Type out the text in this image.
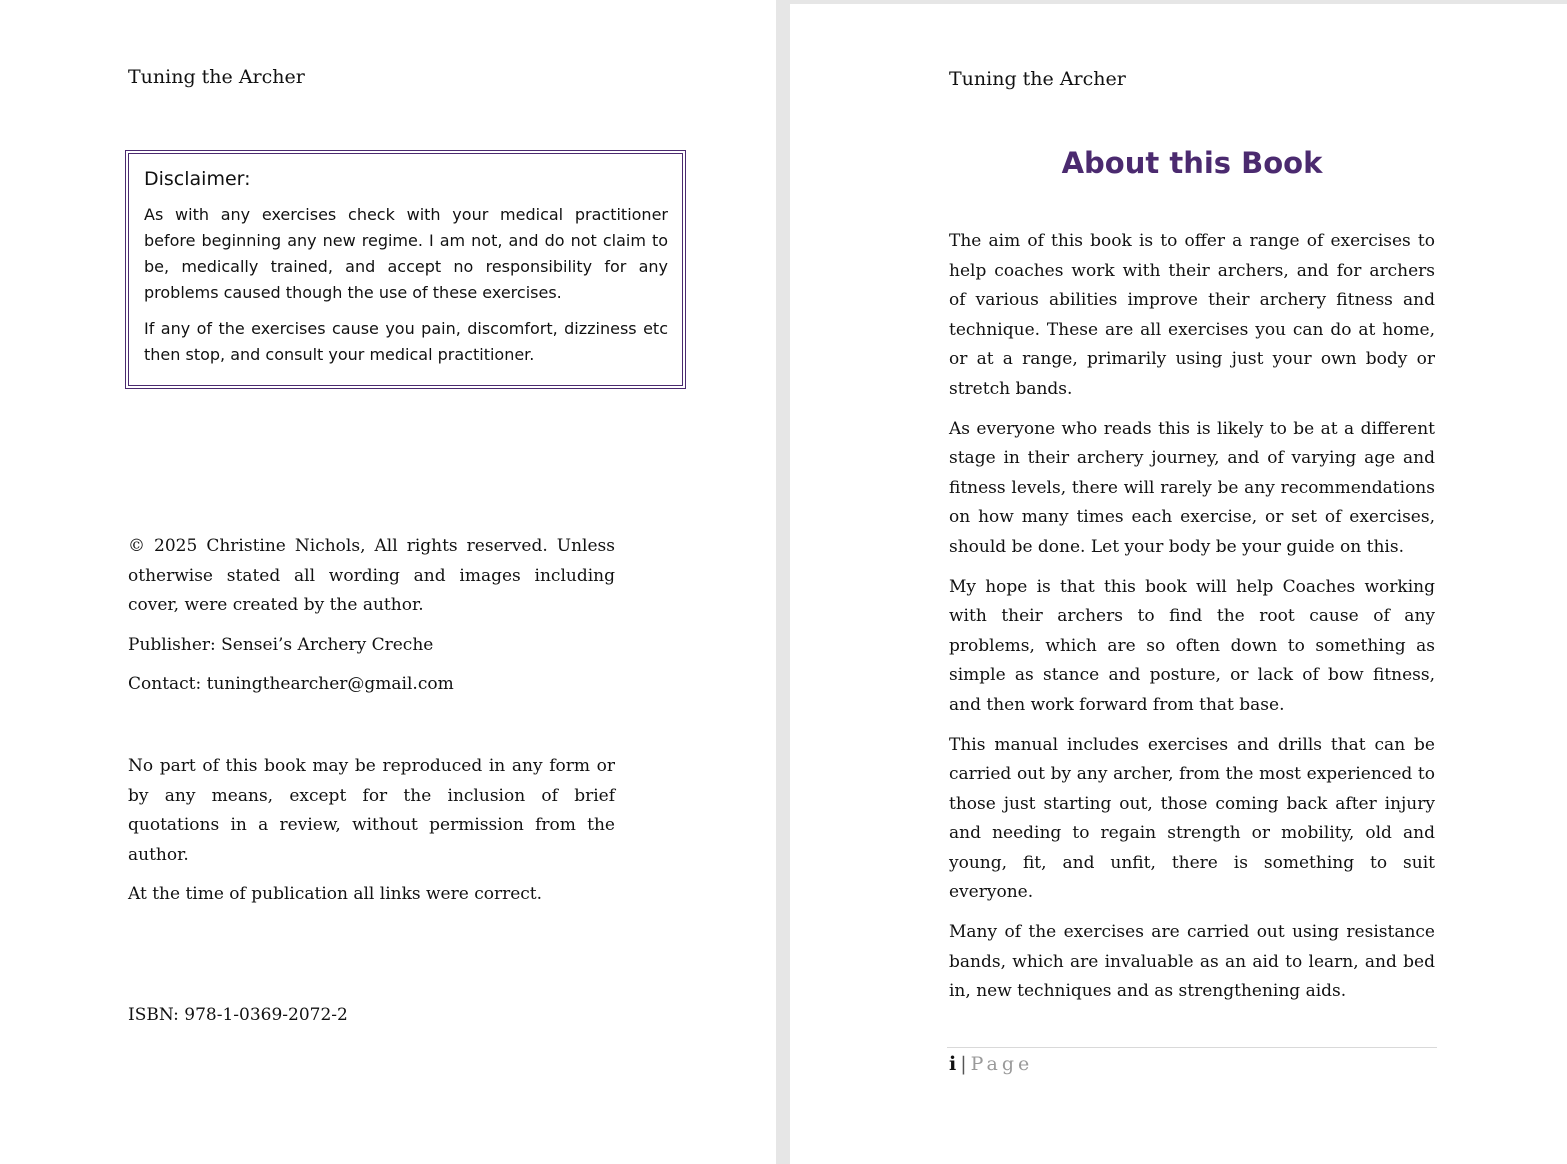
Tuning the Archer
Disclaimer:

As with any exercises check with your medical practitioner before beginning any new regime. I am not, and do not claim to be, medically trained, and accept no responsibility for any problems caused though the use of these exercises.

If any of the exercises cause you pain, discomfort, dizziness etc then stop, and consult your medical practitioner.

© 2025 Christine Nichols, All rights reserved. Unless otherwise stated all wording and images including cover, were created by the author.

Publisher: Sensei’s Archery Creche

Contact: tuningthearcher@gmail.com

No part of this book may be reproduced in any form or by any means, except for the inclusion of brief quotations in a review, without permission from the author.

At the time of publication all links were correct.

ISBN: 978-1-0369-2072-2

Tuning the Archer
About this Book

The aim of this book is to offer a range of exercises to help coaches work with their archers, and for archers of various abilities improve their archery fitness and technique. These are all exercises you can do at home, or at a range, primarily using just your own body or stretch bands.

As everyone who reads this is likely to be at a different stage in their archery journey, and of varying age and fitness levels, there will rarely be any recommendations on how many times each exercise, or set of exercises, should be done. Let your body be your guide on this.

My hope is that this book will help Coaches working with their archers to find the root cause of any problems, which are so often down to something as simple as stance and posture, or lack of bow fitness, and then work forward from that base.

This manual includes exercises and drills that can be carried out by any archer, from the most experienced to those just starting out, those coming back after injury and needing to regain strength or mobility, old and young, fit, and unfit, there is something to suit everyone.

Many of the exercises are carried out using resistance bands, which are invaluable as an aid to learn, and bed in, new techniques and as strengthening aids.

i | Page
